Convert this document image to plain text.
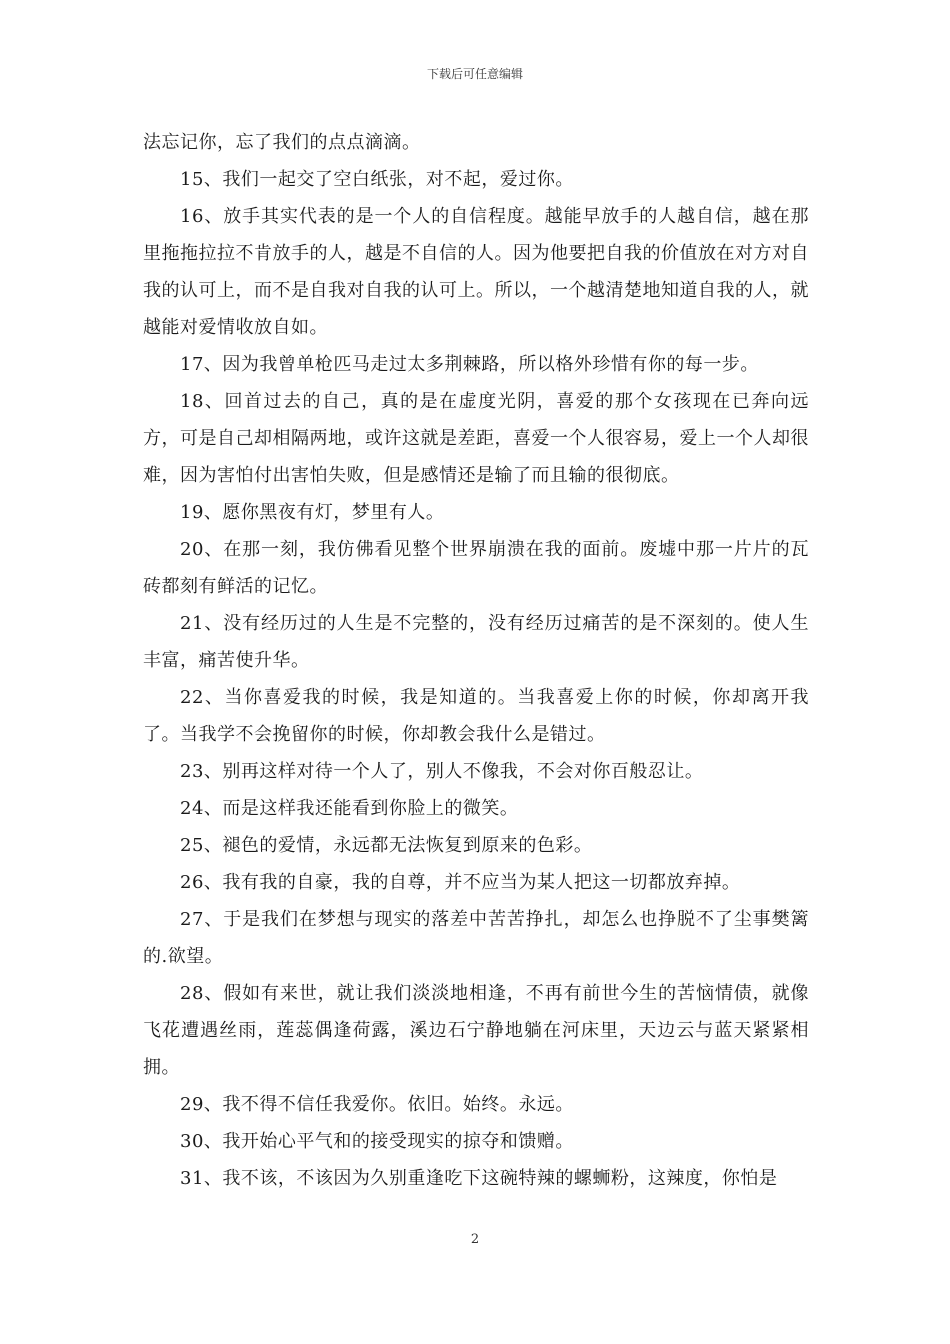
下载后可任意编辑

法忘记你，忘了我们的点点滴滴。

15、我们一起交了空白纸张，对不起，爱过你。

16、放手其实代表的是一个人的自信程度。越能早放手的人越自信，越在那里拖拖拉拉不肯放手的人，越是不自信的人。因为他要把自我的价值放在对方对自我的认可上，而不是自我对自我的认可上。所以，一个越清楚地知道自我的人，就越能对爱情收放自如。

17、因为我曾单枪匹马走过太多荆棘路，所以格外珍惜有你的每一步。

18、回首过去的自己，真的是在虚度光阴，喜爱的那个女孩现在已奔向远方，可是自己却相隔两地，或许这就是差距，喜爱一个人很容易，爱上一个人却很难，因为害怕付出害怕失败，但是感情还是输了而且输的很彻底。

19、愿你黑夜有灯，梦里有人。

20、在那一刻，我仿佛看见整个世界崩溃在我的面前。废墟中那一片片的瓦砖都刻有鲜活的记忆。

21、没有经历过的人生是不完整的，没有经历过痛苦的是不深刻的。使人生丰富，痛苦使升华。

22、当你喜爱我的时候，我是知道的。当我喜爱上你的时候，你却离开我了。当我学不会挽留你的时候，你却教会我什么是错过。

23、别再这样对待一个人了，别人不像我，不会对你百般忍让。

24、而是这样我还能看到你脸上的微笑。

25、褪色的爱情，永远都无法恢复到原来的色彩。

26、我有我的自豪，我的自尊，并不应当为某人把这一切都放弃掉。

27、于是我们在梦想与现实的落差中苦苦挣扎，却怎么也挣脱不了尘事樊篱的.欲望。

28、假如有来世，就让我们淡淡地相逢，不再有前世今生的苦恼情债，就像飞花遭遇丝雨，莲蕊偶逢荷露，溪边石宁静地躺在河床里，天边云与蓝天紧紧相拥。

29、我不得不信任我爱你。依旧。始终。永远。

30、我开始心平气和的接受现实的掠夺和馈赠。

31、我不该，不该因为久别重逢吃下这碗特辣的螺蛳粉，这辣度，你怕是

2
